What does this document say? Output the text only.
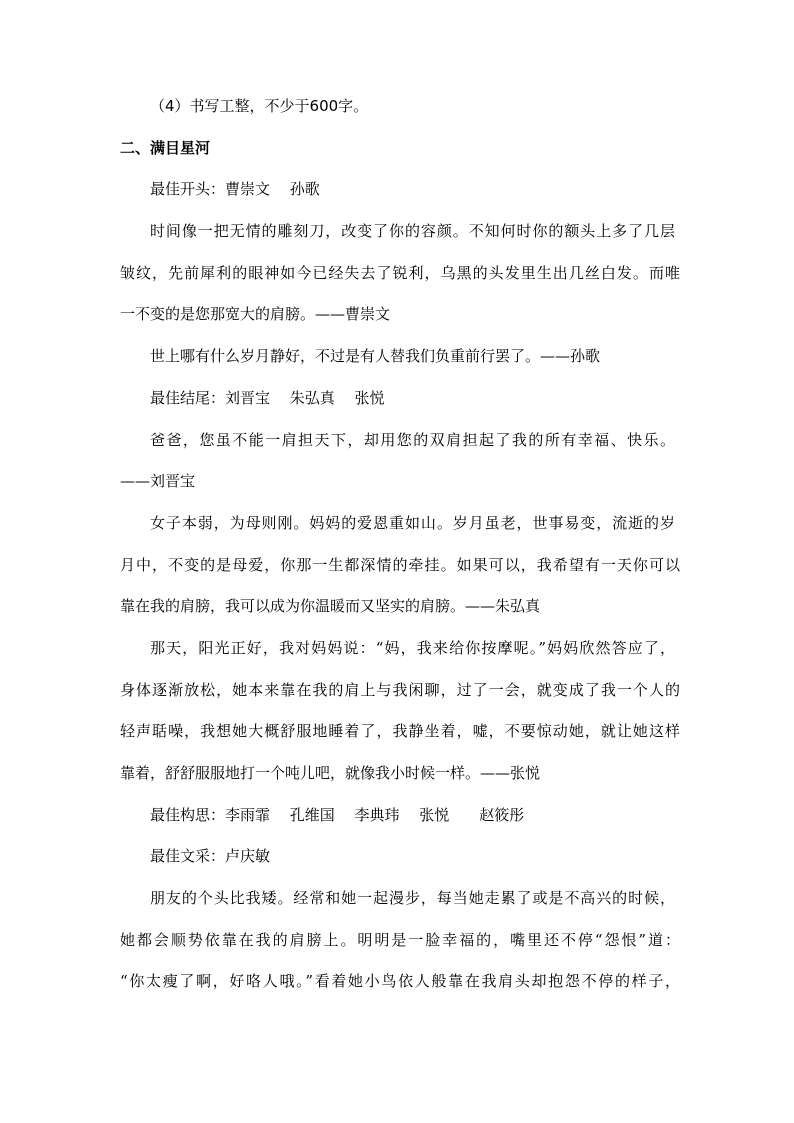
（4）书写工整，不少于600字。
二、满目星河
最佳开头：曹崇文　 孙歌
时间像一把无情的雕刻刀，改变了你的容颜。不知何时你的额头上多了几层
皱纹，先前犀利的眼神如今已经失去了锐利，乌黑的头发里生出几丝白发。而唯
一不变的是您那宽大的肩膀。——曹崇文
世上哪有什么岁月静好，不过是有人替我们负重前行罢了。——孙歌
最佳结尾：刘晋宝　 朱弘真　 张悦
爸爸，您虽不能一肩担天下，却用您的双肩担起了我的所有幸福、快乐。
——刘晋宝
女子本弱，为母则刚。妈妈的爱恩重如山。岁月虽老，世事易变，流逝的岁
月中，不变的是母爱，你那一生都深情的牵挂。如果可以，我希望有一天你可以
靠在我的肩膀，我可以成为你温暖而又坚实的肩膀。——朱弘真
那天，阳光正好，我对妈妈说：“妈，我来给你按摩呢。”妈妈欣然答应了，
身体逐渐放松，她本来靠在我的肩上与我闲聊，过了一会，就变成了我一个人的
轻声聒噪，我想她大概舒服地睡着了，我静坐着，嘘，不要惊动她，就让她这样
靠着，舒舒服服地打一个吨儿吧，就像我小时候一样。——张悦
最佳构思：李雨霏　 孔维国　 李典玮　 张悦　　赵筱彤
最佳文采：卢庆敏
朋友的个头比我矮。经常和她一起漫步，每当她走累了或是不高兴的时候，
她都会顺势依靠在我的肩膀上。明明是一脸幸福的，嘴里还不停“怨恨”道：
“你太瘦了啊，好咯人哦。”看着她小鸟依人般靠在我肩头却抱怨不停的样子，
